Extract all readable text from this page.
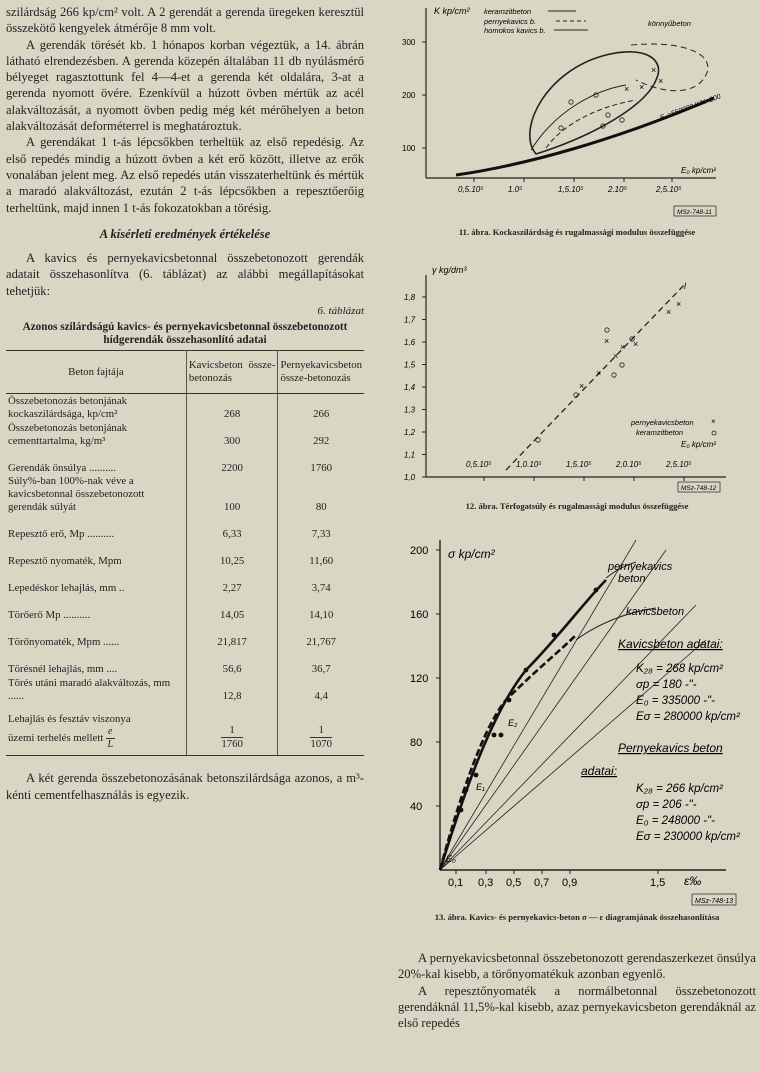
szilárdság 266 kp/cm² volt. A 2 gerendát a gerenda üregeken keresztül összekötő kengyelek átmérője 8 mm volt.

A gerendák törését kb. 1 hónapos korban végeztük, a 14. ábrán látható elrendezésben. A gerenda közepén általában 11 db nyúlásmérő bélyeget ragasztottunk fel 4—4-et a gerenda két oldalára, 3-at a gerenda nyomott övére. Ezenkívül a húzott övben mértük az acél alakváltozását, a nyomott övben pedig még két mérőhelyen a beton alakváltozását deforméterrel is meghatároztuk.

A gerendákat 1 t-ás lépcsőkben terheltük az első repedésig. Az első repedés mindig a húzott övben a két erő között, illetve az erők vonalában jelent meg. Az első repedés után visszaterheltünk és mértük a maradó alakváltozást, ezután 2 t-ás lépcsőkben a repesztőerőig terheltünk, majd innen 1 t-ás fokozatokban a törésig.

A kísérleti eredmények értékelése

A kavics és pernyekavicsbetonnal összebetonozott gerendák adatait összehasonlítva (6. táblázat) az alábbi megállapításokat tehetjük:

6. táblázat

Azonos szilárdságú kavics- és pernyekavicsbetonnal összebetonozott hídgerendák összehasonlító adatai

Beton fajtája	Kavicsbeton össze-betonozás	Pernyekavicsbeton össze-betonozás
Összebetonozás betonjának kockaszilárdsága, kp/cm²	268	266
Összebetonozás betonjának cementtartalma, kg/m³	300	292
Gerendák önsúlya ..........	2200	1760
Súly%-ban 100%-nak véve a kavicsbetonnal összebetonozott gerendák súlyát	100	80
Repesztő erő, Mp ..........	6,33	7,33
Repesztő nyomaték, Mpm	10,25	11,60
Lepedéskor lehajlás, mm ..	2,27	3,74
Törőerő Mp ..........	14,05	14,10
Törőnyomaték, Mpm ......	21,817	21,767
Törésnél lehajlás, mm ....	56,6	36,7
Törés utáni maradó alakváltozás, mm ......	12,8	4,4
Lehajlás és fesztáv viszonya
üzemi terhelés mellett $\frac{e}{L}$	$\frac{1}{1760}$	$\frac{1}{1070}$

A két gerenda összebetonozásának betonszilárdsága azonos, a m³-kénti cementfelhasználás is egyezik.

K kp/cm²
100
200
300
0,5.10⁵	1.0⁵	1,5.10⁵	2.10⁵	2,5.10⁵
×
×
×
×
keramzitbeton
pernyekavics b.
homokos kavics b.
könnyűbeton
E₀=550000 K/K+200
E₀ kp/cm²
MSz-748-11
11. ábra. Kockaszilárdság és rugalmassági modulus összefüggése
γ kg/dm³
1,0
1,1
1,2
1,3
1,4
1,5
1,6
1,7
1,8
0,5.10⁵	1,0.10⁵	1,5.10⁵	2,0.10⁵	2,5.10⁵
l
×
×
×
× ×
×
×
×
pernyekavicsbeton
keramzitbeton
×
E₀ kp/cm²
MSz-748-12
12. ábra. Térfogatsúly és rugalmassági modulus összefüggése
σ kp/cm²
40
80
120
160
200
0,1 0,3 0,5 0,7 0,9	1,5
pernyekavics beton
kavicsbeton
Kavicsbeton adatai:
K₂₈ = 268 kp/cm²
σp = 180 -"-
E₀ = 335000 -"-
Eσ = 280000 kp/cm²
Pernyekavics beton
adatai:
K₂₈ = 266 kp/cm²
σp = 206 -"-
E₀ = 248000 -"-
Eσ = 230000 kp/cm²
E₂
E₁
E₀
ε‰
MSz-748-13
13. ábra. Kavics- és pernyekavics-beton σ — ε diagramjának összehasonlítása

A pernyekavicsbetonnal összebetonozott gerendaszerkezet önsúlya 20%-kal kisebb, a törőnyomatékuk azonban egyenlő.

A repesztőnyomaték a normálbetonnal összebetonozott gerendáknál 11,5%-kal kisebb, azaz pernyekavicsbeton gerendáknál az első repedés
